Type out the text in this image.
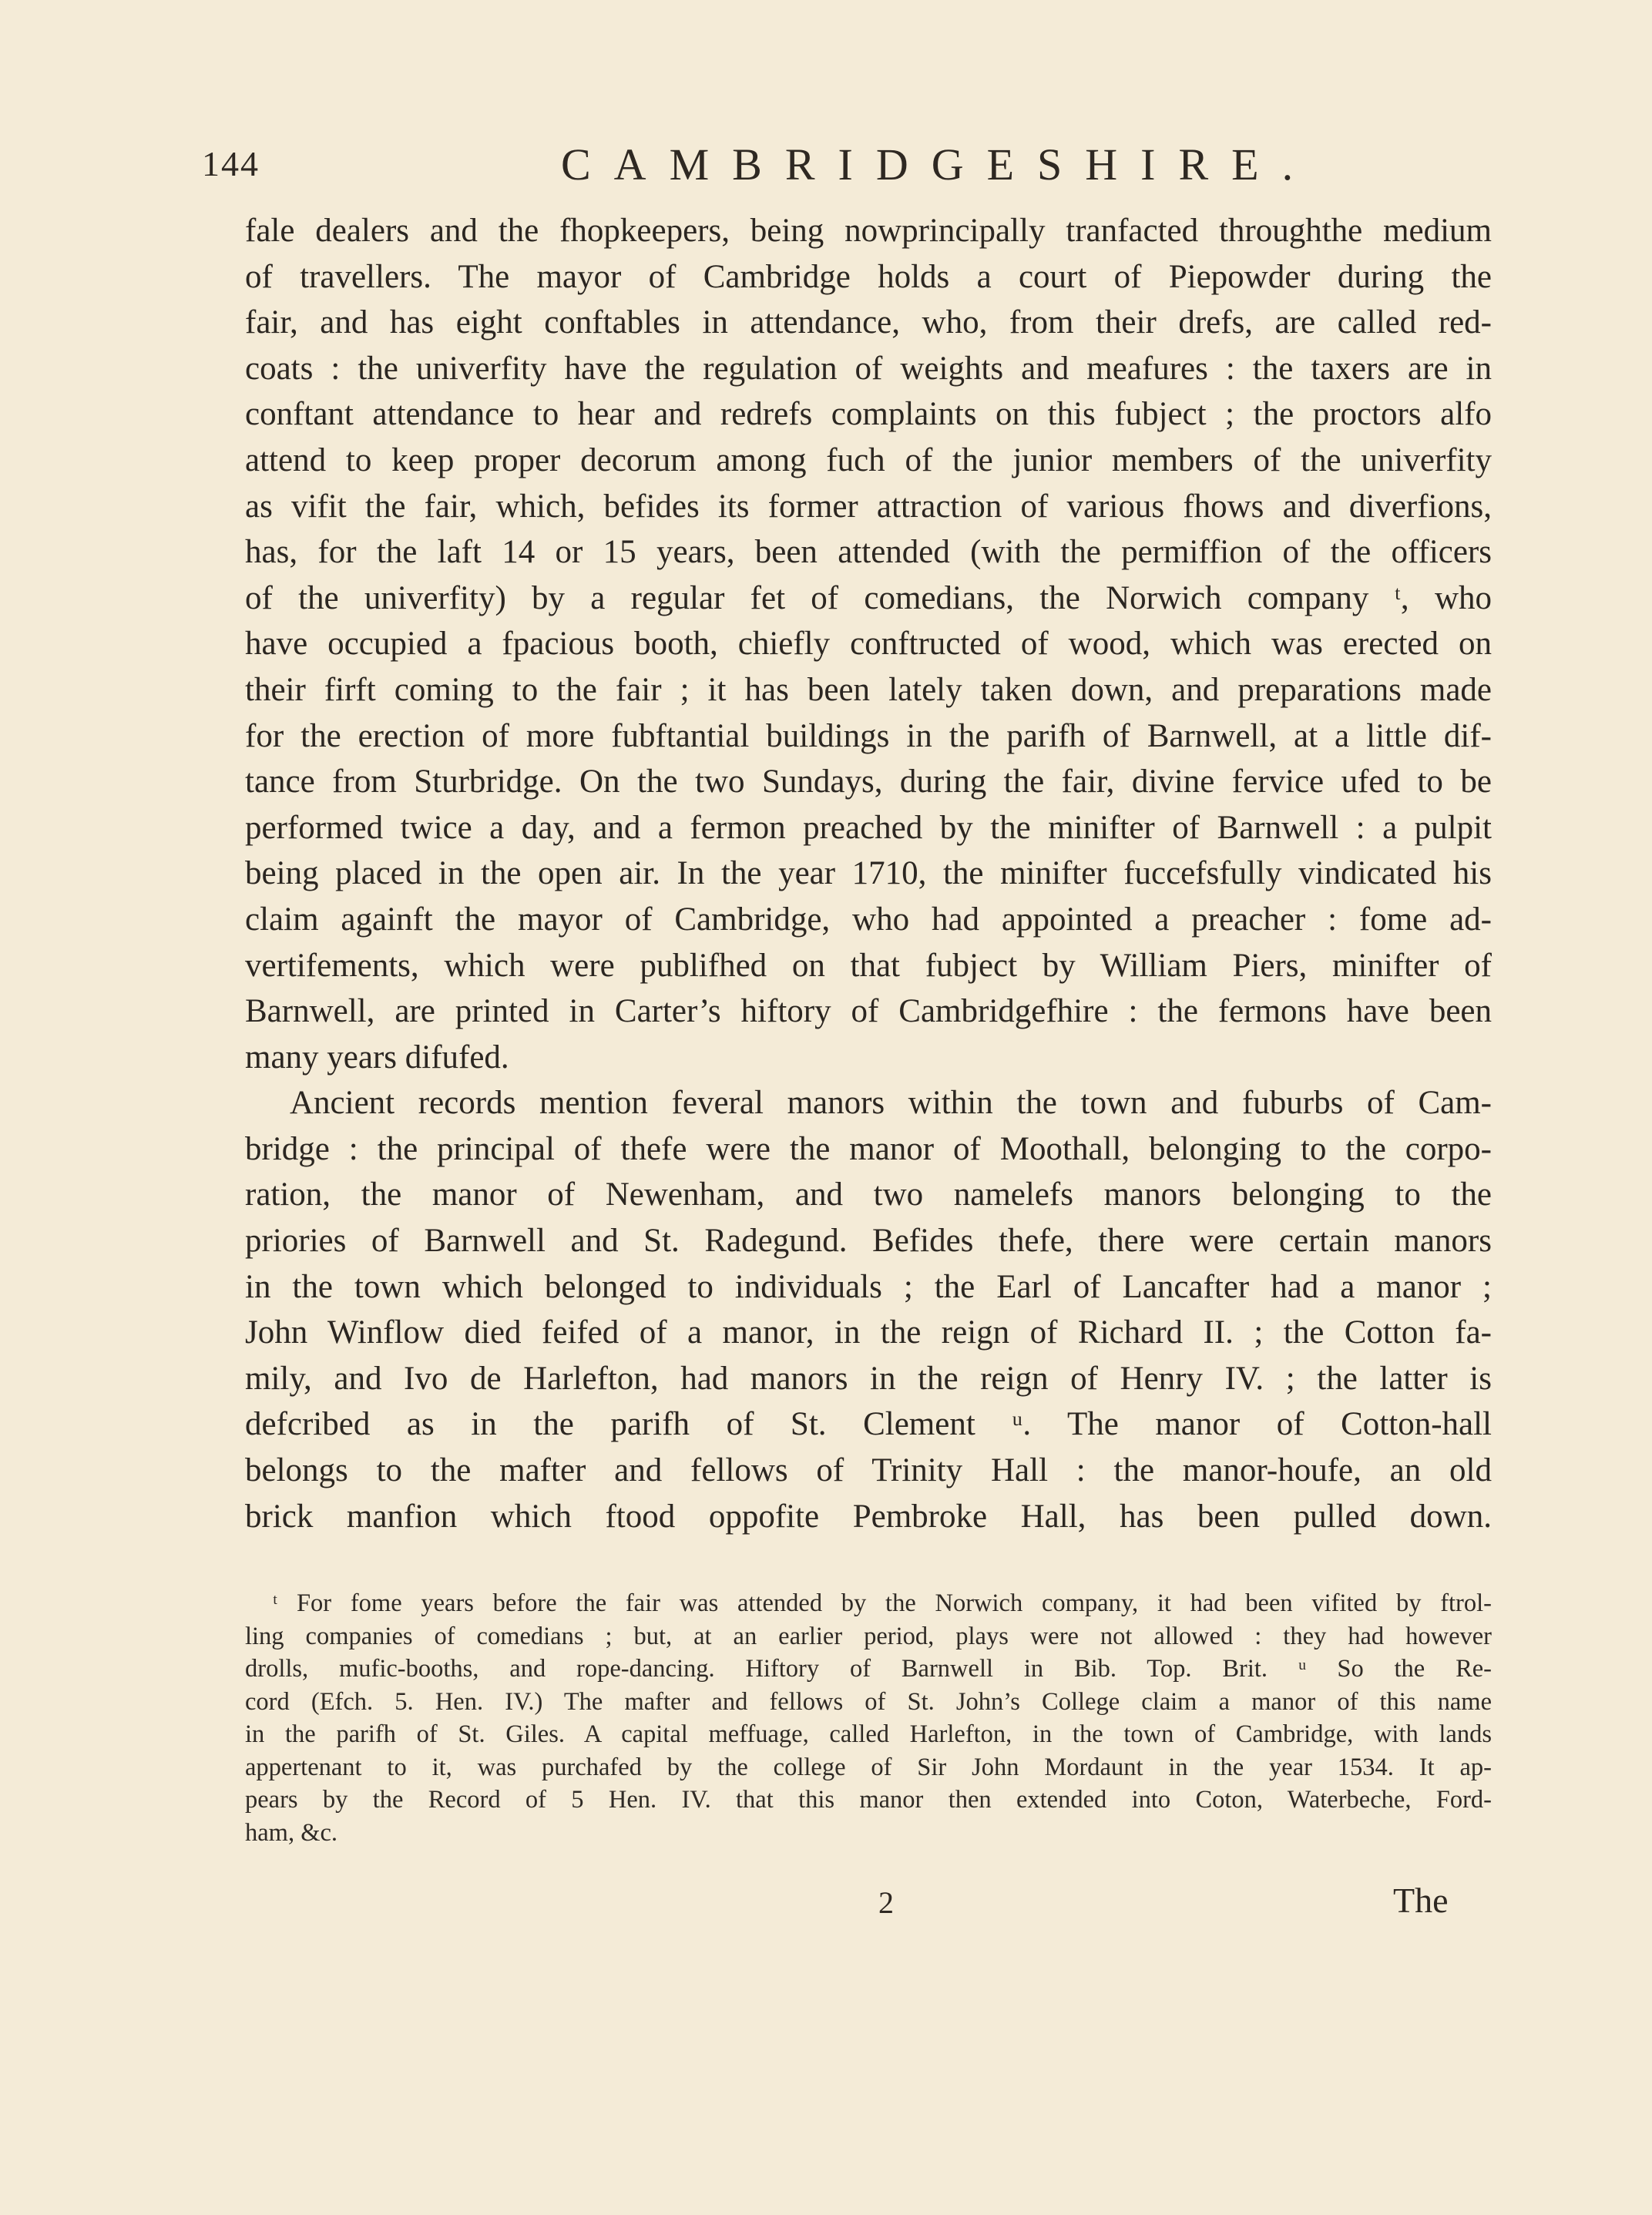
144	CAMBRIDGESHIRE.
fale dealers and the fhopkeepers, being nowprincipally tranfacted throughthe medium
of travellers. The mayor of Cambridge holds a court of Piepowder during the
fair, and has eight conftables in attendance, who, from their drefs, are called red-
coats : the univerfity have the regulation of weights and meafures : the taxers are in
conftant attendance to hear and redrefs complaints on this fubject ; the proctors alfo
attend to keep proper decorum among fuch of the junior members of the univerfity
as vifit the fair, which, befides its former attraction of various fhows and diverfions,
has, for the laft 14 or 15 years, been attended (with the permiffion of the officers
of the univerfity) by a regular fet of comedians, the Norwich company ᵗ, who
have occupied a fpacious booth, chiefly conftructed of wood, which was erected on
their firft coming to the fair ; it has been lately taken down, and preparations made
for the erection of more fubftantial buildings in the parifh of Barnwell, at a little dif-
tance from Sturbridge. On the two Sundays, during the fair, divine fervice ufed to be
performed twice a day, and a fermon preached by the minifter of Barnwell : a pulpit
being placed in the open air. In the year 1710, the minifter fuccefsfully vindicated his
claim againft the mayor of Cambridge, who had appointed a preacher : fome ad-
vertifements, which were publifhed on that fubject by William Piers, minifter of
Barnwell, are printed in Carter’s hiftory of Cambridgefhire : the fermons have been
many years difufed.
Ancient records mention feveral manors within the town and fuburbs of Cam-
bridge : the principal of thefe were the manor of Moothall, belonging to the corpo-
ration, the manor of Newenham, and two namelefs manors belonging to the
priories of Barnwell and St. Radegund. Befides thefe, there were certain manors
in the town which belonged to individuals ; the Earl of Lancafter had a manor ;
John Winflow died feifed of a manor, in the reign of Richard II. ; the Cotton fa-
mily, and Ivo de Harlefton, had manors in the reign of Henry IV. ; the latter is
defcribed as in the parifh of St. Clement ᵘ. The manor of Cotton-hall
belongs to the mafter and fellows of Trinity Hall : the manor-houfe, an old
brick manfion which ftood oppofite Pembroke Hall, has been pulled down.
ᵗ For fome years before the fair was attended by the Norwich company, it had been vifited by ftrol-
ling companies of comedians ; but, at an earlier period, plays were not allowed : they had however
drolls, mufic-booths, and rope-dancing. Hiftory of Barnwell in Bib. Top. Brit. ᵘ So the Re-
cord (Efch. 5. Hen. IV.) The mafter and fellows of St. John’s College claim a manor of this name
in the parifh of St. Giles. A capital meffuage, called Harlefton, in the town of Cambridge, with lands
appertenant to it, was purchafed by the college of Sir John Mordaunt in the year 1534. It ap-
pears by the Record of 5 Hen. IV. that this manor then extended into Coton, Waterbeche, Ford-
ham, &c.
2	The
